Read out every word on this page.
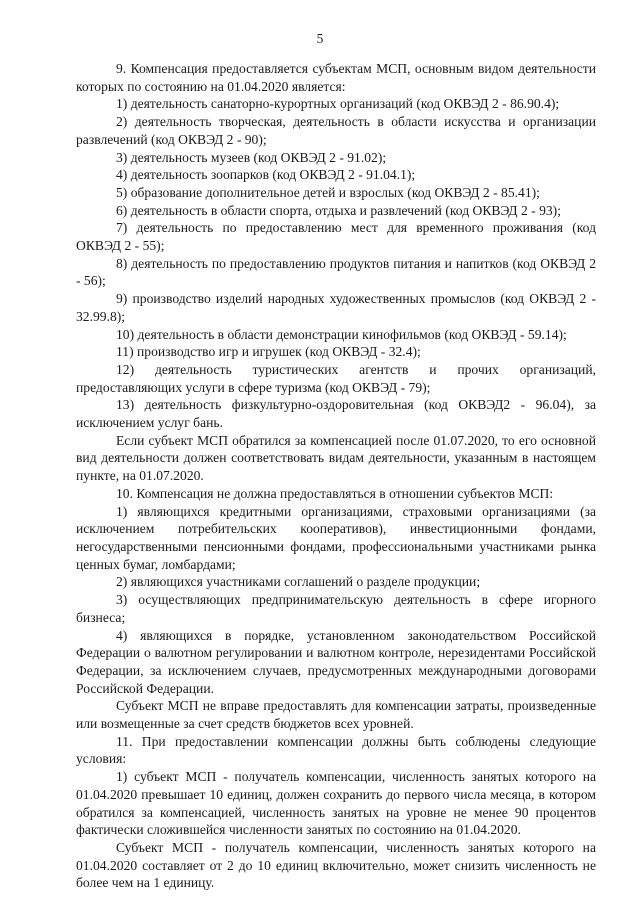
5

9. Компенсация предоставляется субъектам МСП, основным видом деятельности которых по состоянию на 01.04.2020 является:

1) деятельность санаторно-курортных организаций (код ОКВЭД 2 - 86.90.4);

2) деятельность творческая, деятельность в области искусства и организации развлечений (код ОКВЭД 2 - 90);

3) деятельность музеев (код ОКВЭД 2 - 91.02);

4) деятельность зоопарков (код ОКВЭД 2 - 91.04.1);

5) образование дополнительное детей и взрослых (код ОКВЭД 2 - 85.41);

6) деятельность в области спорта, отдыха и развлечений (код ОКВЭД 2 - 93);

7) деятельность по предоставлению мест для временного проживания (код ОКВЭД 2 - 55);

8) деятельность по предоставлению продуктов питания и напитков (код ОКВЭД 2 - 56);

9) производство изделий народных художественных промыслов (код ОКВЭД 2 - 32.99.8);

10) деятельность в области демонстрации кинофильмов (код ОКВЭД - 59.14);

11) производство игр и игрушек (код ОКВЭД - 32.4);

12) деятельность туристических агентств и прочих организаций, предоставляющих услуги в сфере туризма (код ОКВЭД - 79);

13) деятельность физкультурно-оздоровительная (код ОКВЭД2 - 96.04), за исключением услуг бань.

Если субъект МСП обратился за компенсацией после 01.07.2020, то его основной вид деятельности должен соответствовать видам деятельности, указанным в настоящем пункте, на 01.07.2020.

10. Компенсация не должна предоставляться в отношении субъектов МСП:

1) являющихся кредитными организациями, страховыми организациями (за исключением потребительских кооперативов), инвестиционными фондами, негосударственными пенсионными фондами, профессиональными участниками рынка ценных бумаг, ломбардами;

2) являющихся участниками соглашений о разделе продукции;

3) осуществляющих предпринимательскую деятельность в сфере игорного бизнеса;

4) являющихся в порядке, установленном законодательством Российской Федерации о валютном регулировании и валютном контроле, нерезидентами Российской Федерации, за исключением случаев, предусмотренных международными договорами Российской Федерации.

Субъект МСП не вправе предоставлять для компенсации затраты, произведенные или возмещенные за счет средств бюджетов всех уровней.

11. При предоставлении компенсации должны быть соблюдены следующие условия:

1) субъект МСП - получатель компенсации, численность занятых которого на 01.04.2020 превышает 10 единиц, должен сохранить до первого числа месяца, в котором обратился за компенсацией, численность занятых на уровне не менее 90 процентов фактически сложившейся численности занятых по состоянию на 01.04.2020.

Субъект МСП - получатель компенсации, численность занятых которого на 01.04.2020 составляет от 2 до 10 единиц включительно, может снизить численность не более чем на 1 единицу.
